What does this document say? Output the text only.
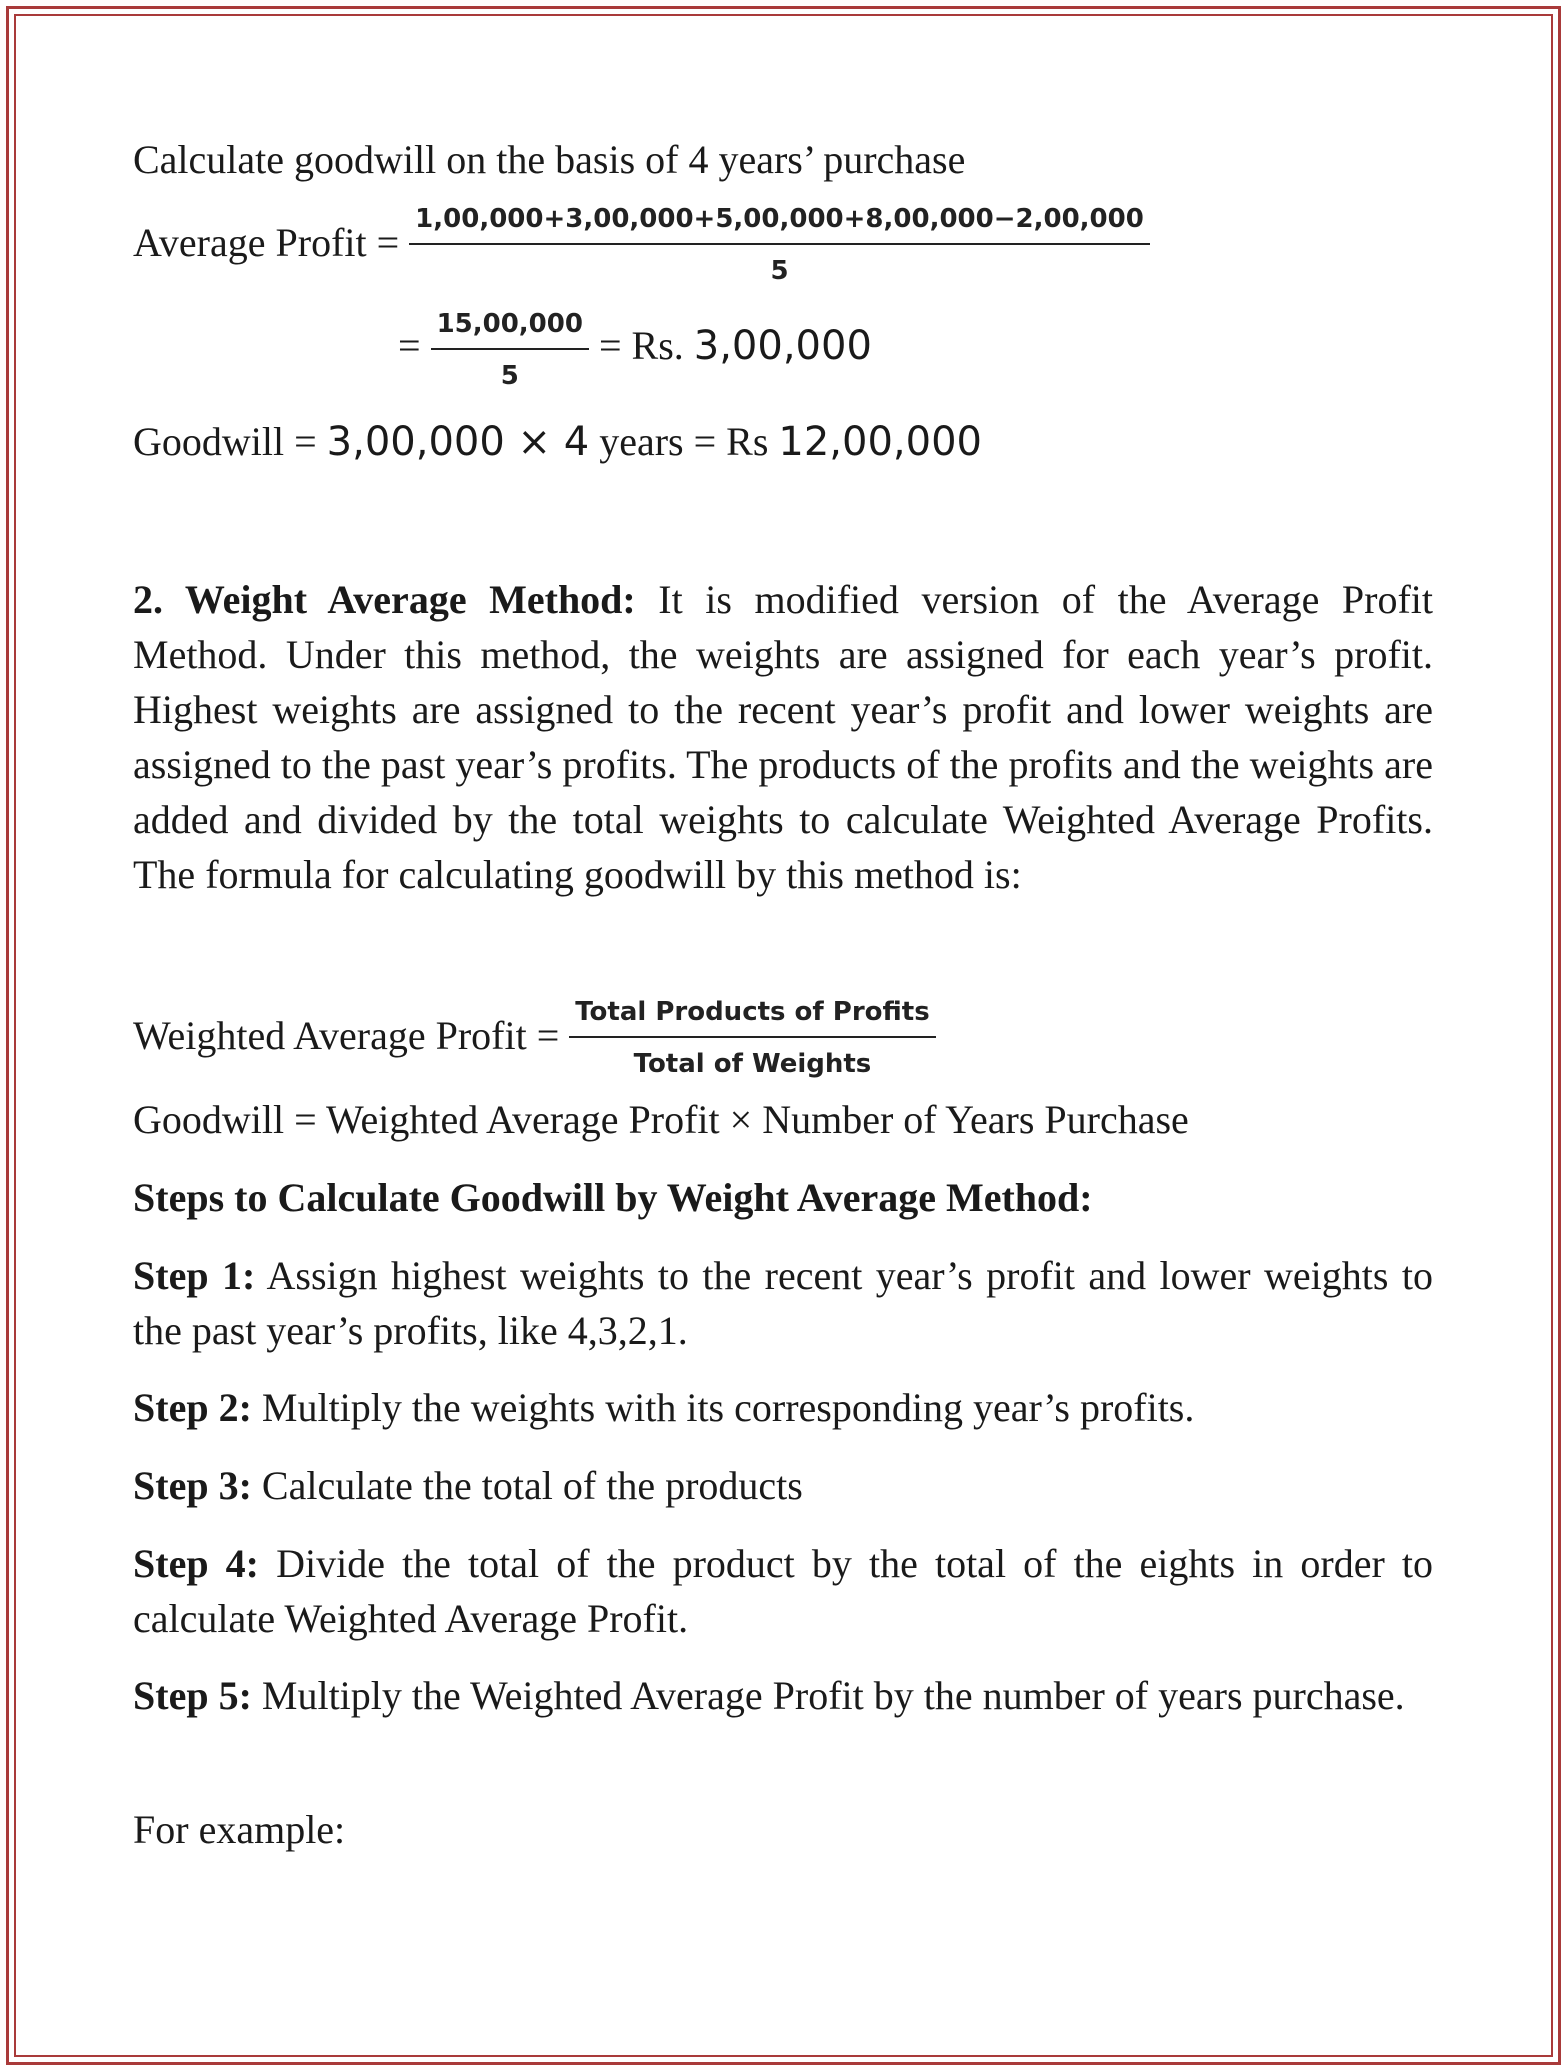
Calculate goodwill on the basis of 4 years’ purchase
Average Profit = $\frac{1,00,000+3,00,000+5,00,000+8,00,000-2,00,000}{5}$
= $\frac{15,00,000}{5} = Rs$. 3,00,000
Goodwill = 3,00,000 × 4 years = Rs 12,00,000
2. Weight Average Method: It is modified version of the Average Profit Method. Under this method, the weights are assigned for each year’s profit. Highest weights are assigned to the recent year’s profit and lower weights are assigned to the past year’s profits. The products of the profits and the weights are added and divided by the total weights to calculate Weighted Average Profits. The formula for calculating goodwill by this method is:
Weighted Average Profit = $\frac{\text{Total Products of Profits}}{\text{Total of Weights}}$
Goodwill = Weighted Average Profit × Number of Years Purchase
Steps to Calculate Goodwill by Weight Average Method:
Step 1: Assign highest weights to the recent year’s profit and lower weights to the past year’s profits, like 4,3,2,1.
Step 2: Multiply the weights with its corresponding year’s profits.
Step 3: Calculate the total of the products
Step 4: Divide the total of the product by the total of the eights in order to calculate Weighted Average Profit.
Step 5: Multiply the Weighted Average Profit by the number of years purchase.
For example:
